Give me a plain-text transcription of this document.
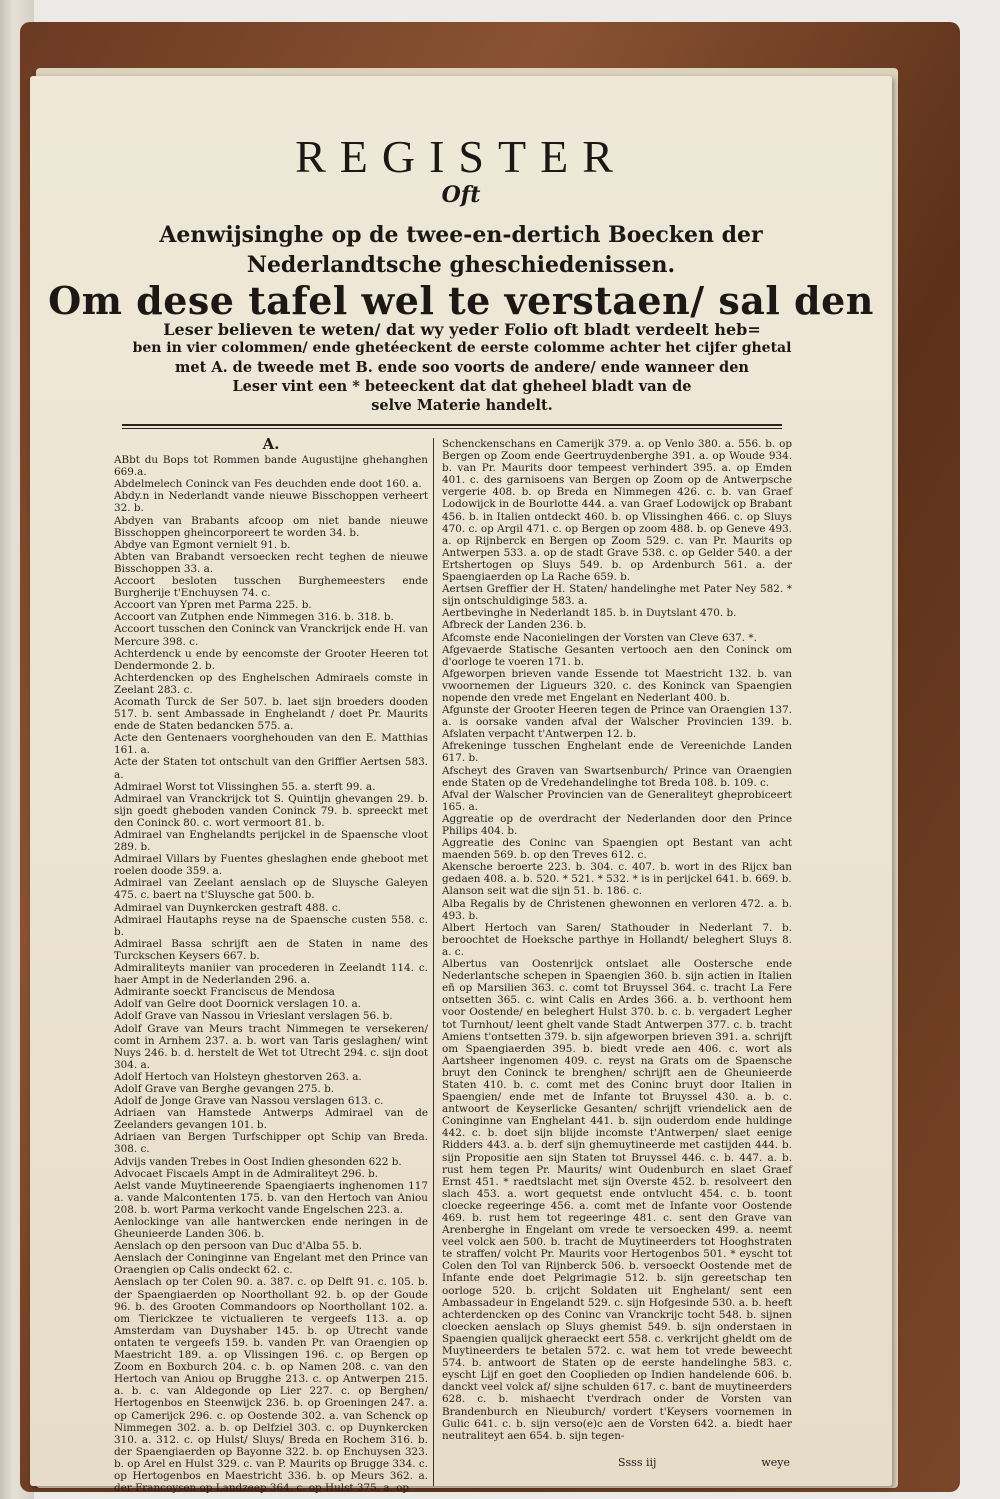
REGISTER
Oft
Aenwijsinghe op de twee-en-dertich Boecken der
Nederlandtsche gheschiedenissen.
Om dese tafel wel te verstaen/ sal den
Leser believen te weten/ dat wy yeder Folio oft bladt verdeelt heb=
ben in vier colommen/ ende ghetéeckent de eerste colomme achter het cijfer ghetal
met A. de tweede met B. ende soo voorts de andere/ ende wanneer den
Leser vint een * beteeckent dat dat gheheel bladt van de
selve Materie handelt.
A.

ABbt du Bops tot Rommen bande Augustijne ghehanghen 669.a.

Abdelmelech Coninck van Fes deuchden ende doot 160. a.

Abdy.n in Nederlandt vande nieuwe Bisschoppen verheert 32. b.

Abdyen van Brabants afcoop om niet bande nieuwe Bisschoppen gheincorporeert te worden 34. b.

Abdye van Egmont vernielt 91. b.

Abten van Brabandt versoecken recht teghen de nieuwe Bisschoppen 33. a.

Accoort besloten tusschen Burghemeesters ende Burgherije t'Enchuysen 74. c.

Accoort van Ypren met Parma 225. b.

Accoort van Zutphen ende Nimmegen 316. b. 318. b.

Accoort tusschen den Coninck van Vranckrijck ende H. van Mercure 398. c.

Achterdenck u ende by eencomste der Grooter Heeren tot Dendermonde 2. b.

Achterdencken op des Enghelschen Admiraels comste in Zeelant 283. c.

Acomath Turck de Ser 507. b. laet sijn broeders dooden 517. b. sent Ambassade in Enghelandt / doet Pr. Maurits ende de Staten bedancken 575. a.

Acte den Gentenaers voorghehouden van den E. Matthias 161. a.

Acte der Staten tot ontschult van den Griffier Aertsen 583. a.

Admirael Worst tot Vlissinghen 55. a. sterft 99. a.

Admirael van Vranckrijck tot S. Quintijn ghevangen 29. b. sijn goedt gheboden vanden Coninck 79. b. spreeckt met den Coninck 80. c. wort vermoort 81. b.

Admirael van Enghelandts perijckel in de Spaensche vloot 289. b.

Admirael Villars by Fuentes gheslaghen ende gheboot met roelen doode 359. a.

Admirael van Zeelant aenslach op de Sluysche Galeyen 475. c. baert na t'Sluysche gat 500. b.

Admirael van Duynkercken gestraft 488. c.

Admirael Hautaphs reyse na de Spaensche custen 558. c. b.

Admirael Bassa schrijft aen de Staten in name des Turckschen Keysers 667. b.

Admiraliteyts maniier van procederen in Zeelandt 114. c. haer Ampt in de Nederlanden 296. a.

Admirante soeckt Franciscus de Mendosa

Adolf van Gelre doot Doornick verslagen 10. a.

Adolf Grave van Nassou in Vrieslant verslagen 56. b.

Adolf Grave van Meurs tracht Nimmegen te versekeren/ comt in Arnhem 237. a. b. wort van Taris geslaghen/ wint Nuys 246. b. d. herstelt de Wet tot Utrecht 294. c. sijn doot 304. a.

Adolf Hertoch van Holsteyn ghestorven 263. a.

Adolf Grave van Berghe gevangen 275. b.

Adolf de Jonge Grave van Nassou verslagen 613. c.

Adriaen van Hamstede Antwerps Admirael van de Zeelanders gevangen 101. b.

Adriaen van Bergen Turfschipper opt Schip van Breda. 308. c.

Advijs vanden Trebes in Oost Indien ghesonden 622 b.

Advocaet Fiscaels Ampt in de Admiraliteyt 296. b.

Aelst vande Muytineerende Spaengiaerts inghenomen 117 a. vande Malcontenten 175. b. van den Hertoch van Aniou 208. b. wort Parma verkocht vande Engelschen 223. a.

Aenlockinge van alle hantwercken ende neringen in de Gheunieerde Landen 306. b.

Aenslach op den persoon van Duc d'Alba 55. b.

Aenslach der Coninginne van Engelant met den Prince van Oraengien op Calis ondeckt 62. c.

Aenslach op ter Colen 90. a. 387. c. op Delft 91. c. 105. b. der Spaengiaerden op Noorthollant 92. b. op der Goude 96. b. des Grooten Commandoors op Noorthollant 102. a. om Tierickzee te victualieren te vergeefs 113. a. op Amsterdam van Duyshaber 145. b. op Utrecht vande ontaten te vergeefs 159. b. vanden Pr. van Oraengien op Maestricht 189. a. op Vlissingen 196. c. op Bergen op Zoom en Boxburch 204. c. b. op Namen 208. c. van den Hertoch van Aniou op Brugghe 213. c. op Antwerpen 215. a. b. c. van Aldegonde op Lier 227. c. op Berghen/ Hertogenbos en Steenwijck 236. b. op Groeningen 247. a. op Camerijck 296. c. op Oostende 302. a. van Schenck op Nimmegen 302. a. b. op Delfziel 303. c. op Duynkercken 310. a. 312. c. op Hulst/ Sluys/ Breda en Rochem 316. b. der Spaengiaerden op Bayonne 322. b. op Enchuysen 323. b. op Arel en Hulst 329. c. van P. Maurits op Brugge 334. c. op Hertogenbos en Maestricht 336. b. op Meurs 362. a. der Francoysen op Landzeep 364. c. op Hulst 375. a. op

Schenckenschans en Camerijk 379. a. op Venlo 380. a. 556. b. op Bergen op Zoom ende Geertruydenberghe 391. a. op Woude 934. b. van Pr. Maurits door tempeest verhindert 395. a. op Emden 401. c. des garnisoens van Bergen op Zoom op de Antwerpsche vergerie 408. b. op Breda en Nimmegen 426. c. b. van Graef Lodowijck in de Bourlotte 444. a. van Graef Lodowijck op Brabant 456. b. in Italien ontdeckt 460. b. op Vlissinghen 466. c. op Sluys 470. c. op Argil 471. c. op Bergen op zoom 488. b. op Geneve 493. a. op Rijnberck en Bergen op Zoom 529. c. van Pr. Maurits op Antwerpen 533. a. op de stadt Grave 538. c. op Gelder 540. a der Ertshertogen op Sluys 549. b. op Ardenburch 561. a. der Spaengiaerden op La Rache 659. b.

Aertsen Greffier der H. Staten/ handelinghe met Pater Ney 582. * sijn ontschuldiginge 583. a.

Aertbevinghe in Nederlandt 185. b. in Duytslant 470. b.

Afbreck der Landen 236. b.

Afcomste ende Naconielingen der Vorsten van Cleve 637. *.

Afgevaerde Statische Gesanten vertooch aen den Coninck om d'oorloge te voeren 171. b.

Afgeworpen brieven vande Essende tot Maestricht 132. b. van vwoornemen der Ligueurs 320. c. des Koninck van Spaengien nopende den vrede met Engelant en Nederlant 400. b.

Afgunste der Grooter Heeren tegen de Prince van Oraengien 137. a. is oorsake vanden afval der Walscher Provincien 139. b. Afslaten verpacht t'Antwerpen 12. b.

Afrekeninge tusschen Enghelant ende de Vereenichde Landen 617. b.

Afscheyt des Graven van Swartsenburch/ Prince van Oraengien ende Staten op de Vredehandelinghe tot Breda 108. b. 109. c.

Afval der Walscher Provincien van de Generaliteyt gheprobiceert 165. a.

Aggreatie op de overdracht der Nederlanden door den Prince Philips 404. b.

Aggreatie des Coninc van Spaengien opt Bestant van acht maenden 569. b. op den Treves 612. c.

Akensche beroerte 223. b. 304. c. 407. b. wort in des Rijcx ban gedaen 408. a. b. 520. * 521. * 532. * is in perijckel 641. b. 669. b.

Alanson seit wat die sijn 51. b. 186. c.

Alba Regalis by de Christenen ghewonnen en verloren 472. a. b. 493. b.

Albert Hertoch van Saren/ Stathouder in Nederlant 7. b. beroochtet de Hoeksche parthye in Hollandt/ beleghert Sluys 8. a. c.

Albertus van Oostenrijck ontslaet alle Oostersche ende Nederlantsche schepen in Spaengien 360. b. sijn actien in Italien eñ op Marsilien 363. c. comt tot Bruyssel 364. c. tracht La Fere ontsetten 365. c. wint Calis en Ardes 366. a. b. verthoont hem voor Oostende/ en beleghert Hulst 370. b. c. b. vergadert Legher tot Turnhout/ leent ghelt vande Stadt Antwerpen 377. c. b. tracht Amiens t'ontsetten 379. b. sijn afgeworpen brieven 391. a. schrijft om Spaengiaerden 395. b. biedt vrede aen 406. c. wort als Aartsheer ingenomen 409. c. reyst na Grats om de Spaensche bruyt den Coninck te brenghen/ schrijft aen de Gheunieerde Staten 410. b. c. comt met des Coninc bruyt door Italien in Spaengien/ ende met de Infante tot Bruyssel 430. a. b. c. antwoort de Keyserlicke Gesanten/ schrijft vriendelick aen de Coninginne van Enghelant 441. b. sijn ouderdom ende huldinge 442. c. b. doet sijn blijde incomste t'Antwerpen/ slaet eenige Ridders 443. a. b. derf sijn ghemuytineerde met castijden 444. b. sijn Propositie aen sijn Staten tot Bruyssel 446. c. b. 447. a. b. rust hem tegen Pr. Maurits/ wint Oudenburch en slaet Graef Ernst 451. * raedtslacht met sijn Overste 452. b. resolveert den slach 453. a. wort gequetst ende ontvlucht 454. c. b. toont cloecke regeeringe 456. a. comt met de Infante voor Oostende 469. b. rust hem tot regeeringe 481. c. sent den Grave van Arenberghe in Engelant om vrede te versoecken 499. a. neemt veel volck aen 500. b. tracht de Muytineerders tot Hooghstraten te straffen/ volcht Pr. Maurits voor Hertogenbos 501. * eyscht tot Colen den Tol van Rijnberck 506. b. versoeckt Oostende met de Infante ende doet Pelgrimagie 512. b. sijn gereetschap ten oorloge 520. b. crijcht Soldaten uit Enghelant/ sent een Ambassadeur in Engelandt 529. c. sijn Hofgesinde 530. a. b. heeft achterdencken op des Coninc van Vranckrijc tocht 548. b. sijnen cloecken aenslach op Sluys ghemist 549. b. sijn onderstaen in Spaengien qualijck gheraeckt eert 558. c. verkrijcht gheldt om de Muytineerders te betalen 572. c. wat hem tot vrede beweecht 574. b. antwoort de Staten op de eerste handelinghe 583. c. eyscht Lijf en goet den Cooplieden op Indien handelende 606. b. danckt veel volck af/ sijne schulden 617. c. bant de muytineerders 628. c. b. mishaecht t'verdrach onder de Vorsten van Brandenburch en Nieuburch/ vordert t'Keysers voornemen in Gulic 641. c. b. sijn verso(e)c aen de Vorsten 642. a. biedt haer neutraliteyt aen 654. b. sijn tegen-

Ssss iij	weye
